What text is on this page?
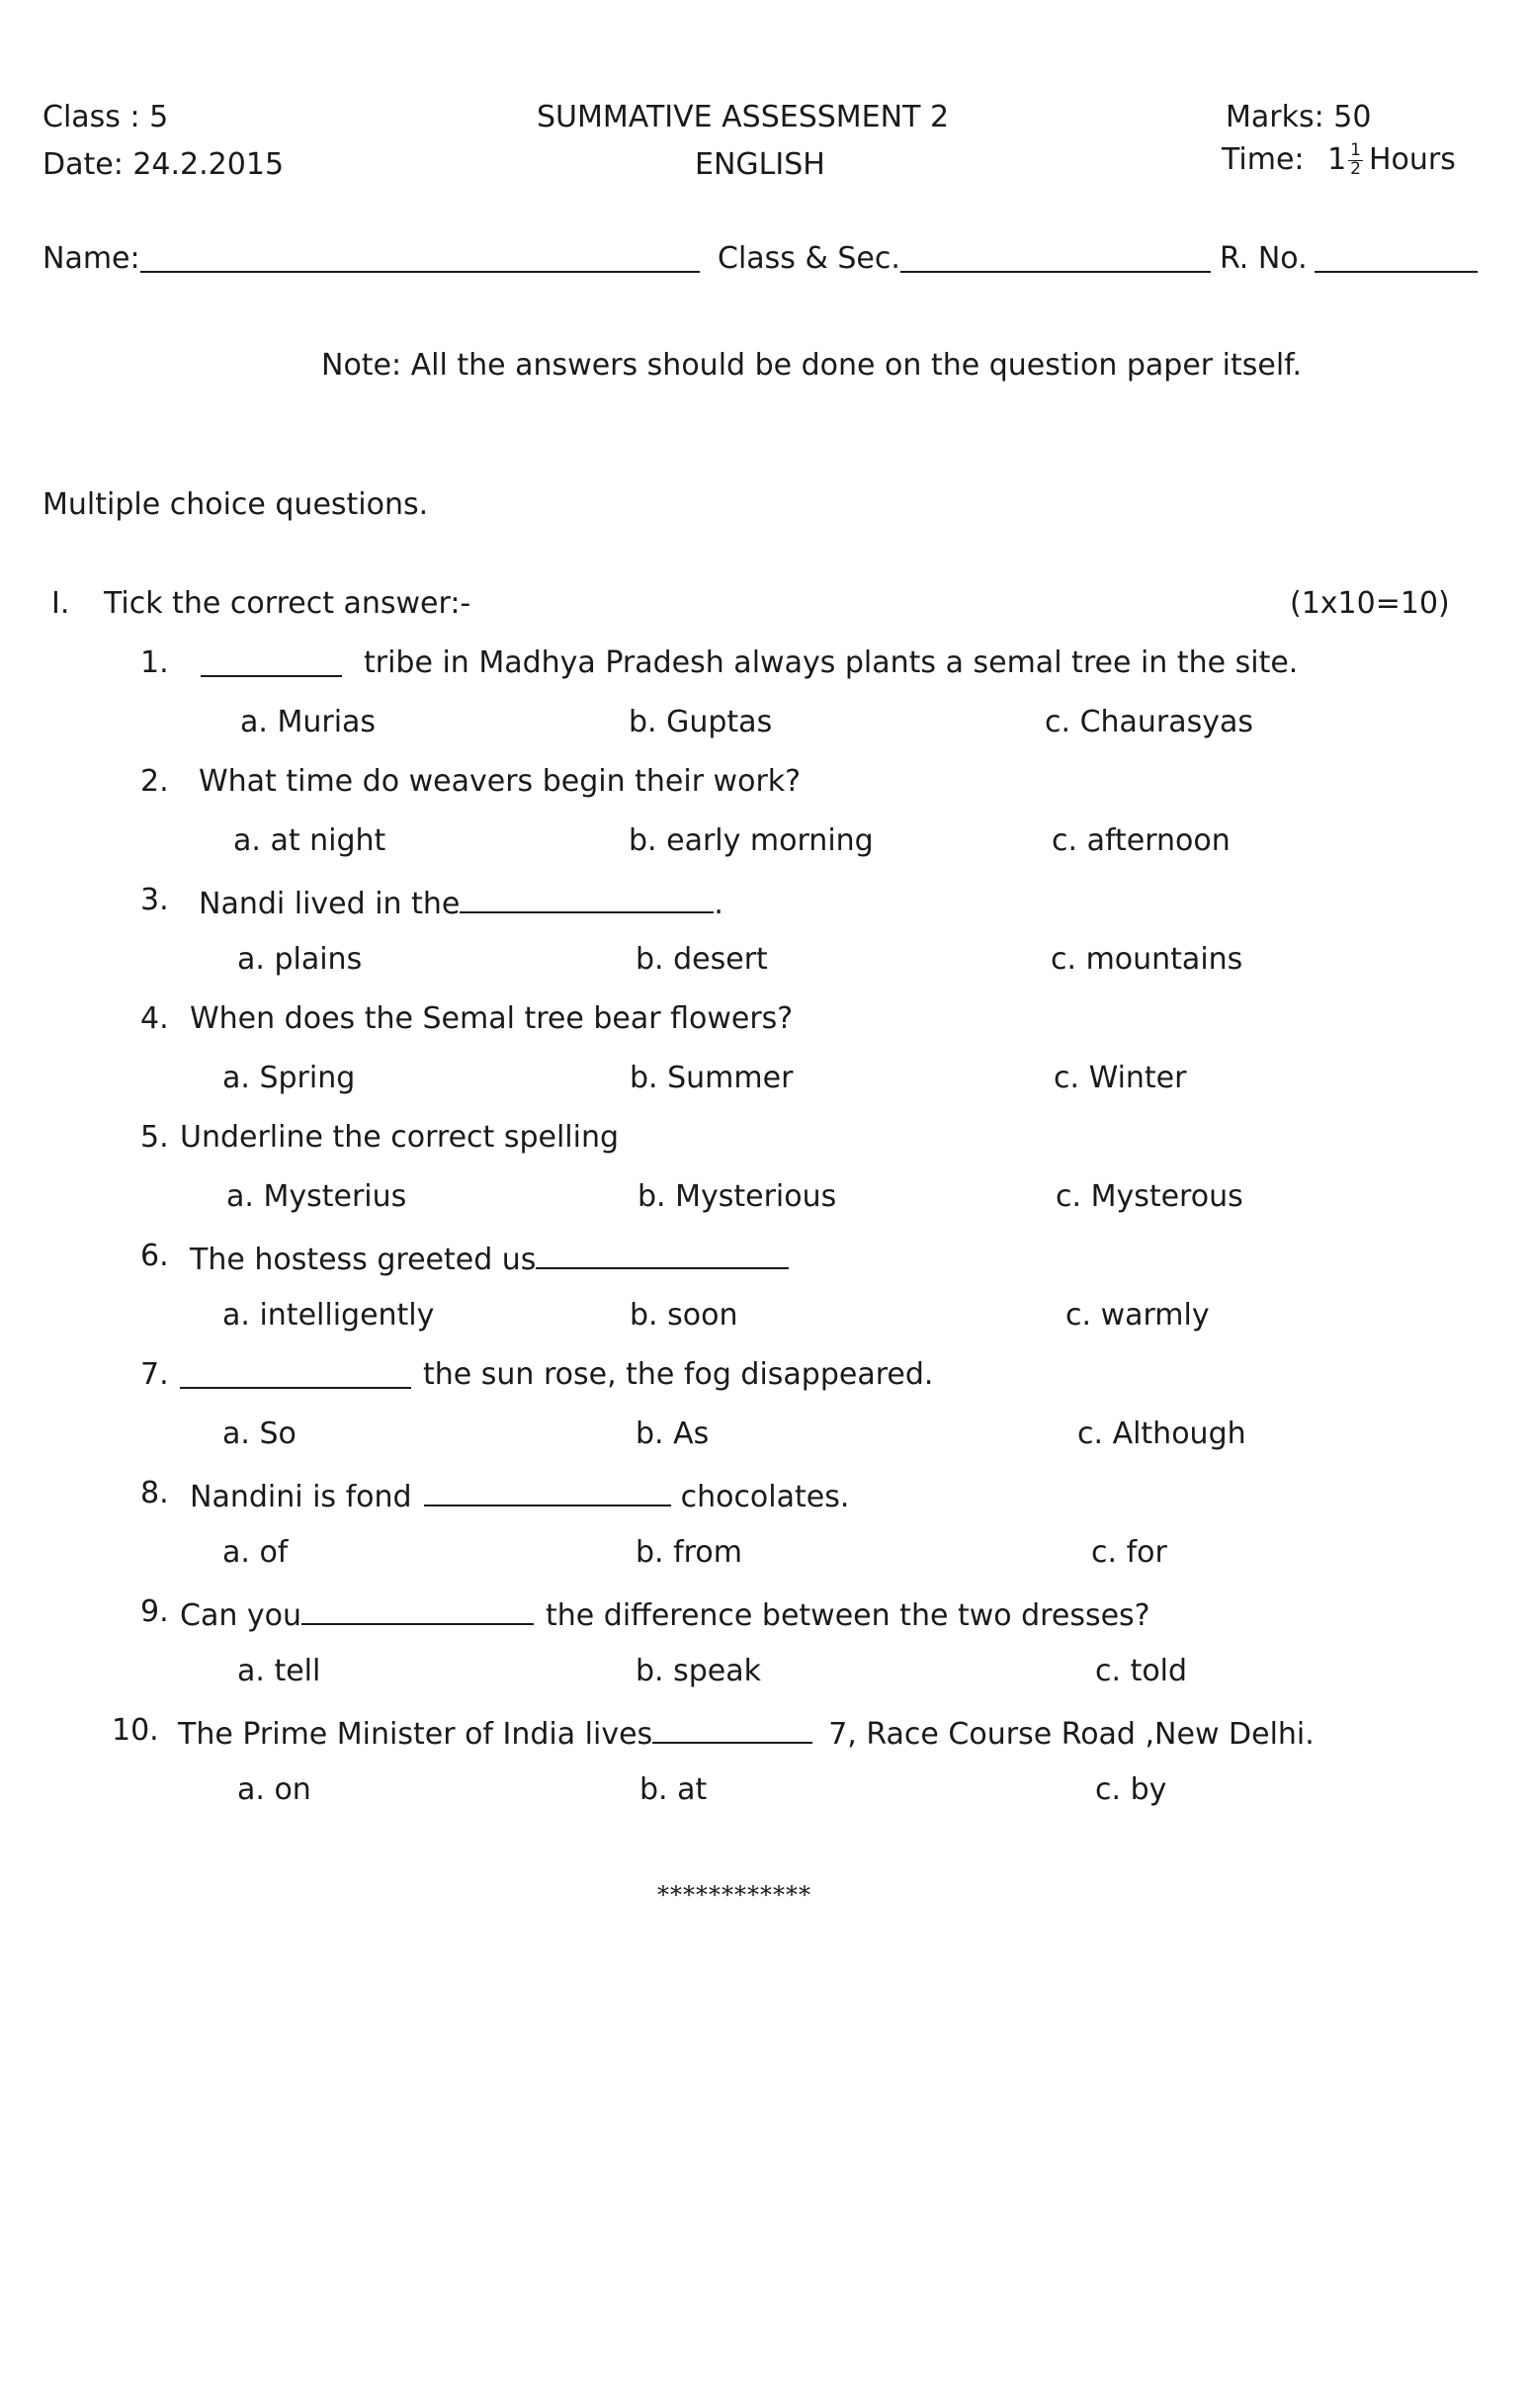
Class : 5	SUMMATIVE ASSESSMENT 2	Marks: 50
Date: 24.2.2015	ENGLISH	Time: $1 \frac{1}{2}$ Hours
Name:	Class & Sec.	R. No.
Note: All the answers should be done on the question paper itself.
Multiple choice questions.
I. Tick the correct answer:-	(1x10=10)
1.	tribe in Madhya Pradesh always plants a semal tree in the site.
a. Murias	b. Guptas	c. Chaurasyas
2. What time do weavers begin their work?
a. at night	b. early morning	c. afternoon
3. Nandi lived in the	.
a. plains	b. desert	c. mountains
4. When does the Semal tree bear flowers?
a. Spring	b. Summer	c. Winter
5. Underline the correct spelling
a. Mysterius	b. Mysterious	c. Mysterous
6. The hostess greeted us
a. intelligently	b. soon	c. warmly
7.	the sun rose, the fog disappeared.
a. So	b. As	c. Although
8. Nandini is fond	chocolates.
a. of	b. from	c. for
9. Can you	the difference between the two dresses?
a. tell	b. speak	c. told
10. The Prime Minister of India lives	7, Race Course Road ,New Delhi.
a. on	b. at	c. by
************
